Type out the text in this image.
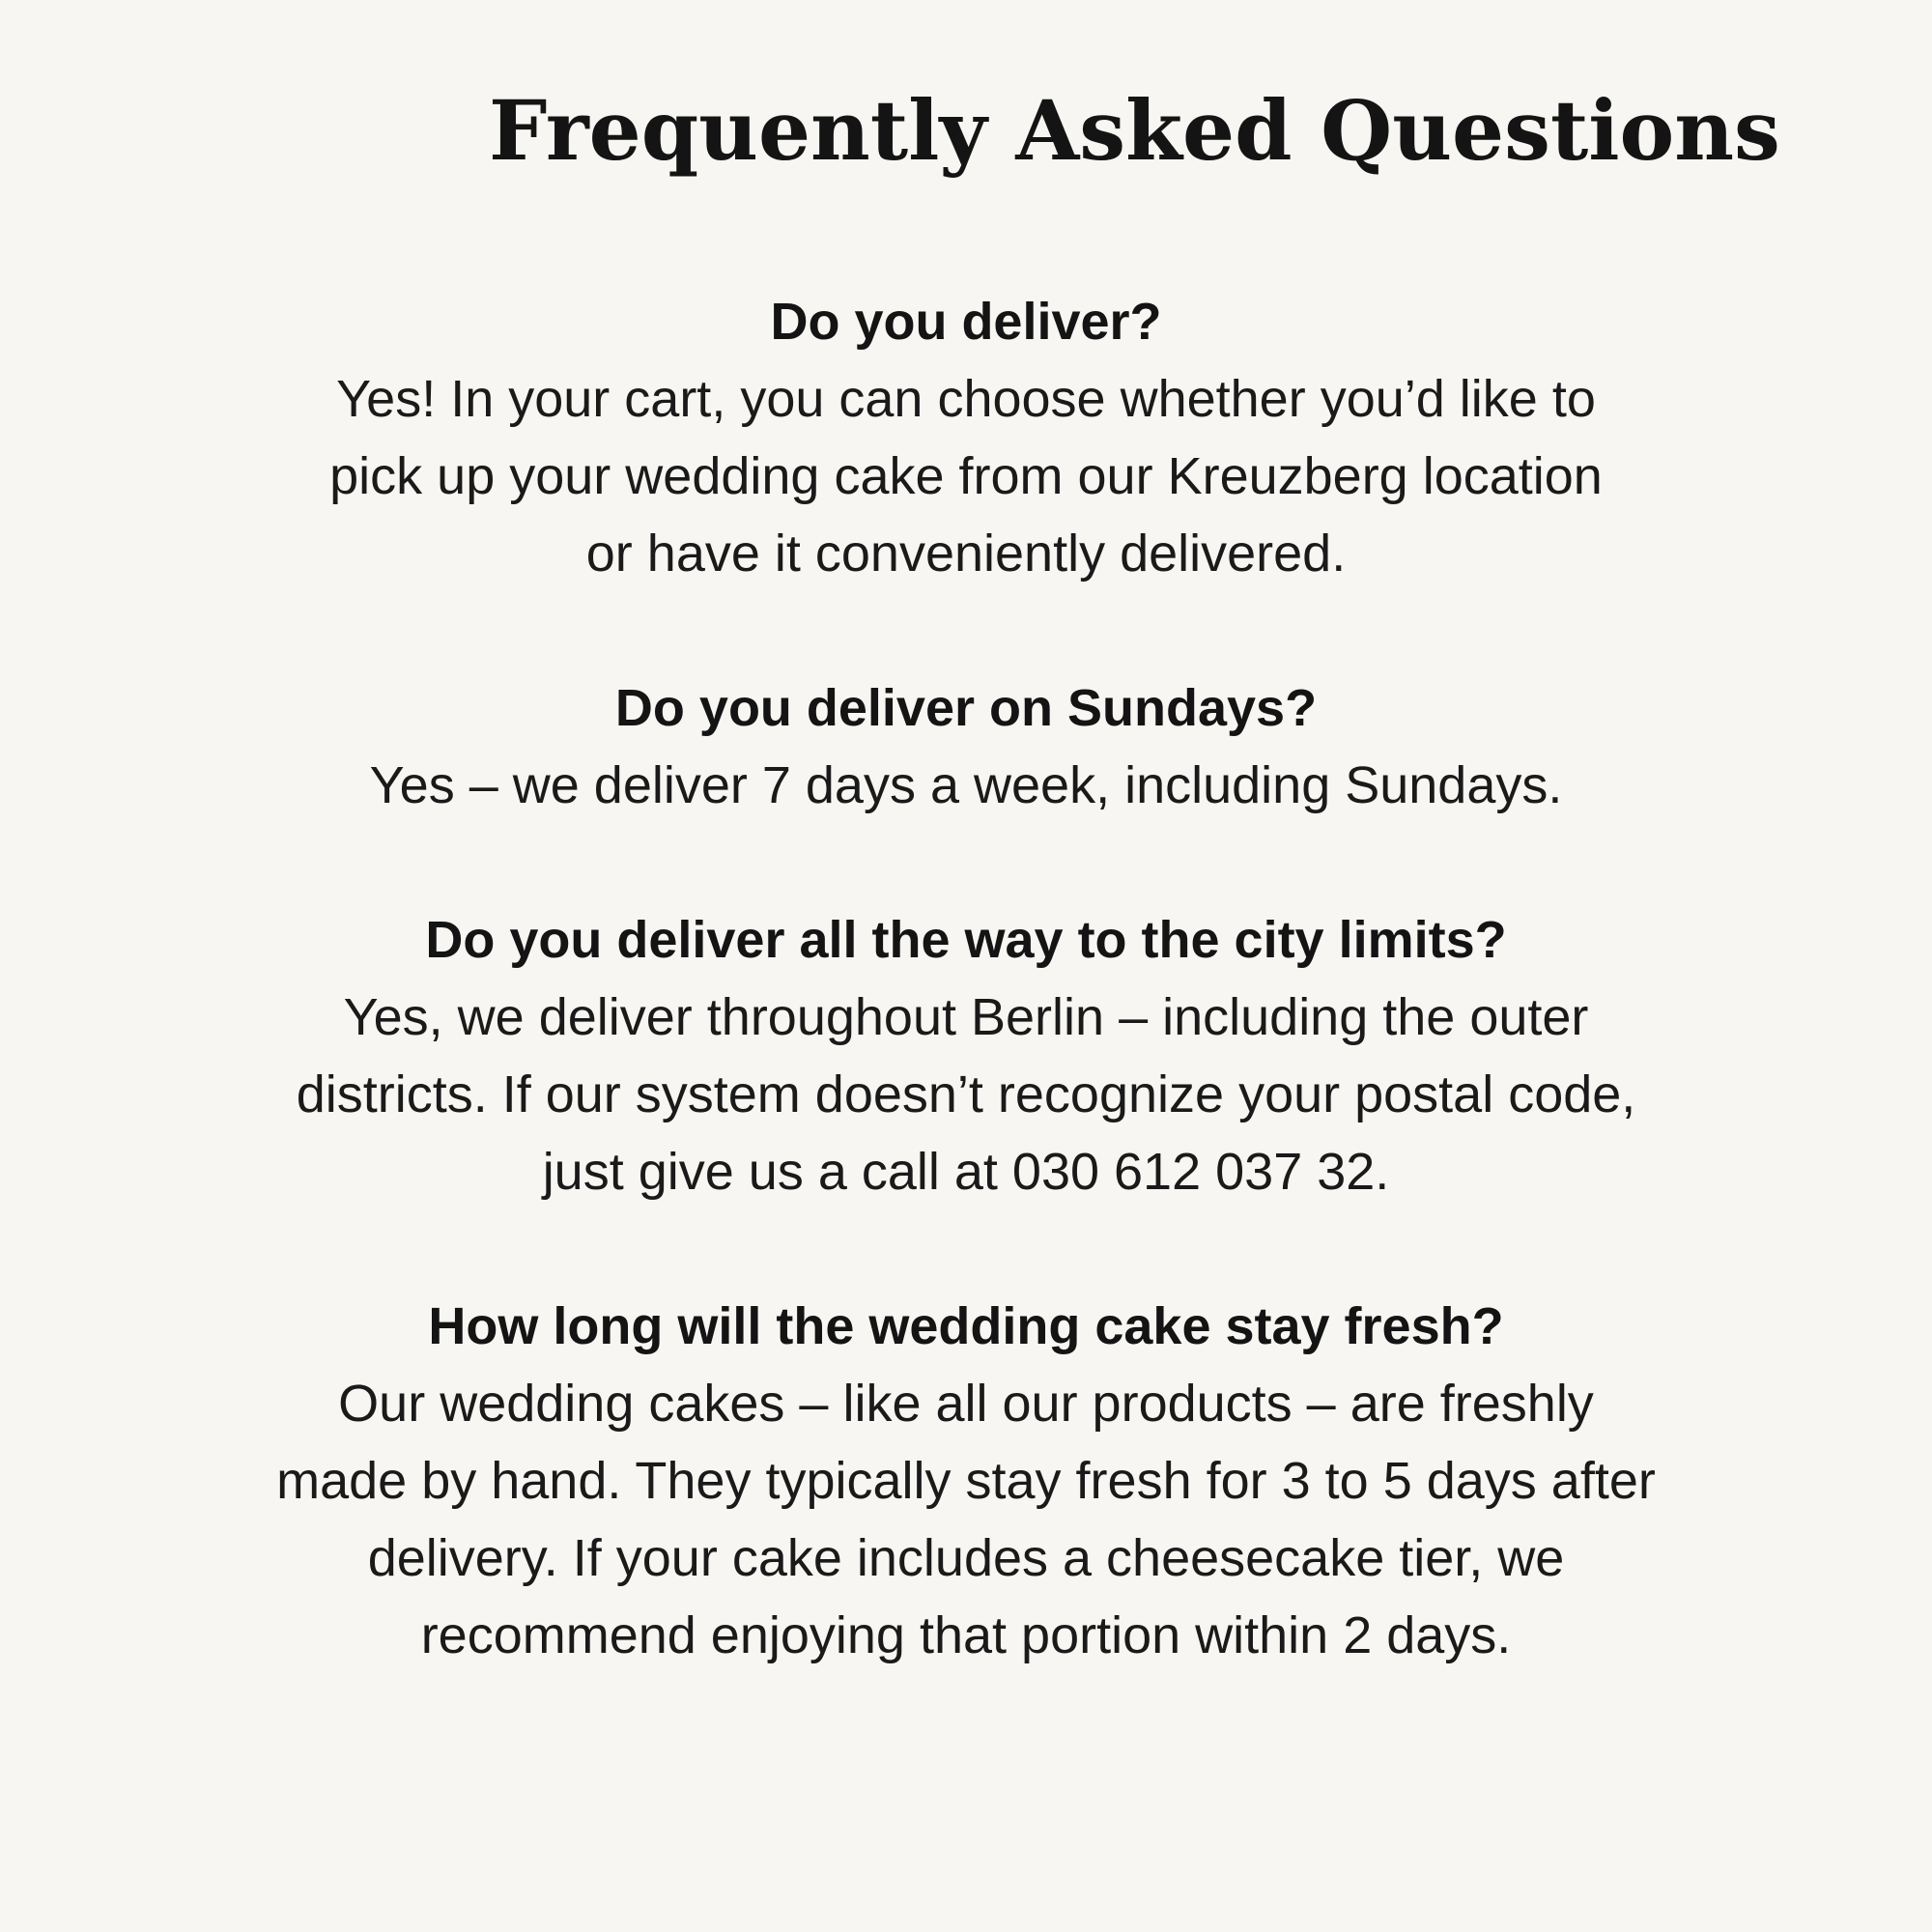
Frequently Asked Questions
Do you deliver?

Yes! In your cart, you can choose whether you’d like to
pick up your wedding cake from our Kreuzberg location
or have it conveniently delivered.

Do you deliver on Sundays?

Yes – we deliver 7 days a week, including Sundays.

Do you deliver all the way to the city limits?

Yes, we deliver throughout Berlin – including the outer
districts. If our system doesn’t recognize your postal code,
just give us a call at 030 612 037 32.

How long will the wedding cake stay fresh?

Our wedding cakes – like all our products – are freshly
made by hand. They typically stay fresh for 3 to 5 days after
delivery. If your cake includes a cheesecake tier, we
recommend enjoying that portion within 2 days.
